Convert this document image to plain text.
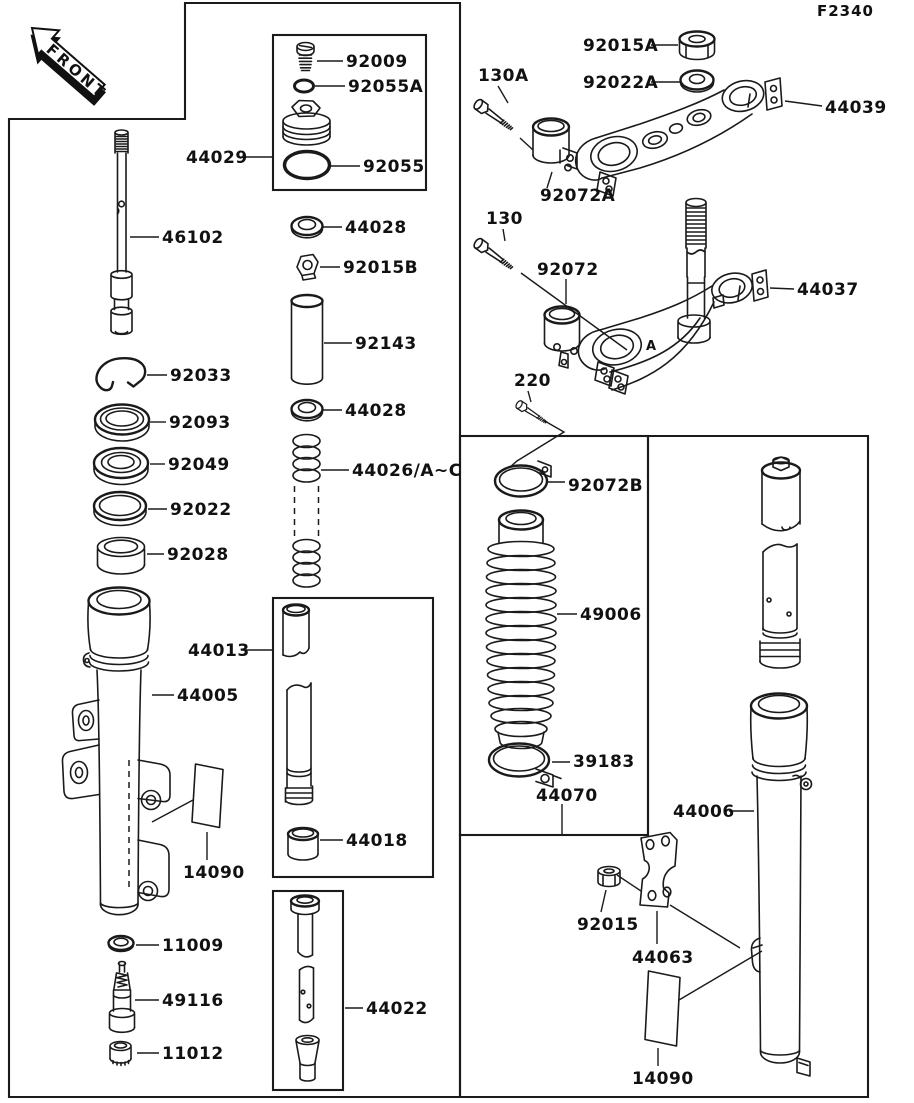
FRONT
F2340
A
92009
92055A
92055
44029
46102
92033
92093
92049
92022
92028
44028
92015B
92143
44028
44026/A~C
44013
44005
44018
14090
11009
49116
11012
44022
92015A
92022A
130A
44039
92072A
130
92072
44037
220
92072B
49006
39183
44070
44006
92015
44063
14090
